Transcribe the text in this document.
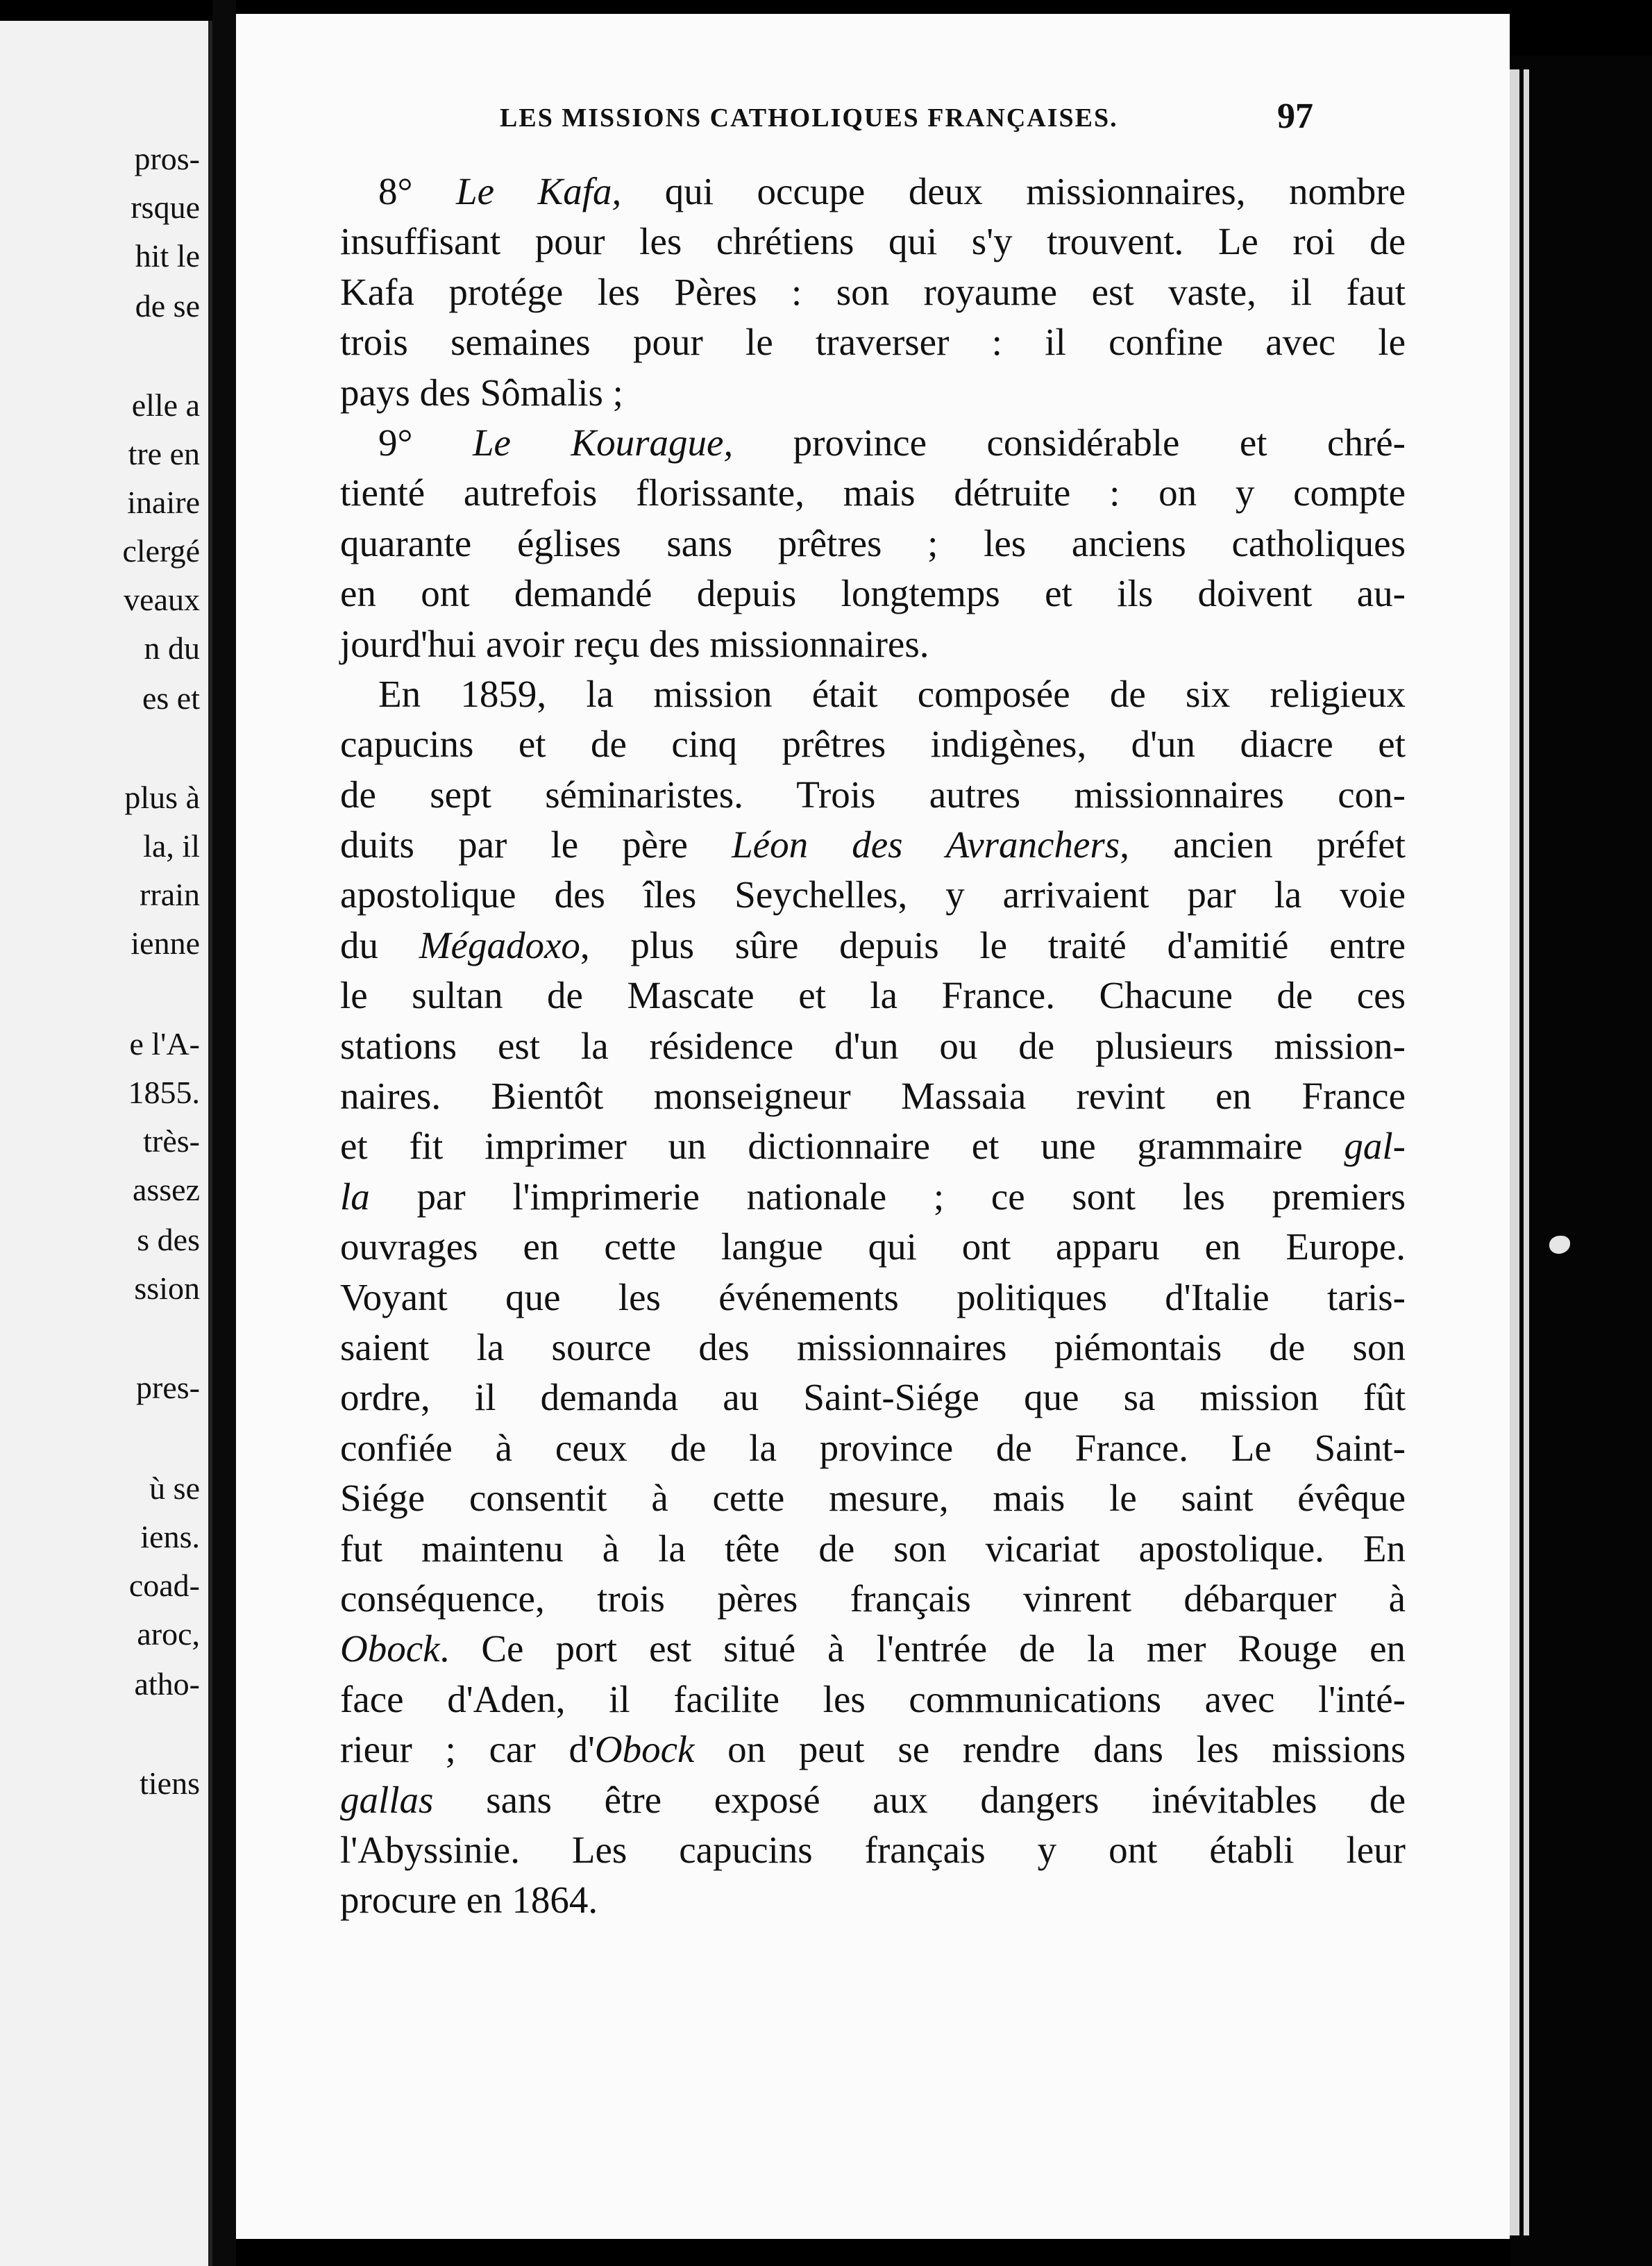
pros-
rsque
hit le
de se
elle a
tre en
inaire
clergé
veaux
n du
es et
plus à
la, il
rrain
ienne
e l'A-
1855.
très-
assez
s des
ssion
pres-
ù se
iens.
coad-
aroc,
atho-
tiens
LES MISSIONS CATHOLIQUES FRANÇAISES.	97
8° Le Kafa, qui occupe deux missionnaires, nombre
insuffisant pour les chrétiens qui s'y trouvent. Le roi de
Kafa protége les Pères : son royaume est vaste, il faut
trois semaines pour le traverser : il confine avec le
pays des Sômalis ;
9° Le Kourague, province considérable et chré-
tienté autrefois florissante, mais détruite : on y compte
quarante églises sans prêtres ; les anciens catholiques
en ont demandé depuis longtemps et ils doivent au-
jourd'hui avoir reçu des missionnaires.
En 1859, la mission était composée de six religieux
capucins et de cinq prêtres indigènes, d'un diacre et
de sept séminaristes. Trois autres missionnaires con-
duits par le père Léon des Avranchers, ancien préfet
apostolique des îles Seychelles, y arrivaient par la voie
du Mégadoxo, plus sûre depuis le traité d'amitié entre
le sultan de Mascate et la France. Chacune de ces
stations est la résidence d'un ou de plusieurs mission-
naires. Bientôt monseigneur Massaia revint en France
et fit imprimer un dictionnaire et une grammaire gal-
la par l'imprimerie nationale ; ce sont les premiers
ouvrages en cette langue qui ont apparu en Europe.
Voyant que les événements politiques d'Italie taris-
saient la source des missionnaires piémontais de son
ordre, il demanda au Saint-Siége que sa mission fût
confiée à ceux de la province de France. Le Saint-
Siége consentit à cette mesure, mais le saint évêque
fut maintenu à la tête de son vicariat apostolique. En
conséquence, trois pères français vinrent débarquer à
Obock. Ce port est situé à l'entrée de la mer Rouge en
face d'Aden, il facilite les communications avec l'inté-
rieur ; car d'Obock on peut se rendre dans les missions
gallas sans être exposé aux dangers inévitables de
l'Abyssinie. Les capucins français y ont établi leur
procure en 1864.
